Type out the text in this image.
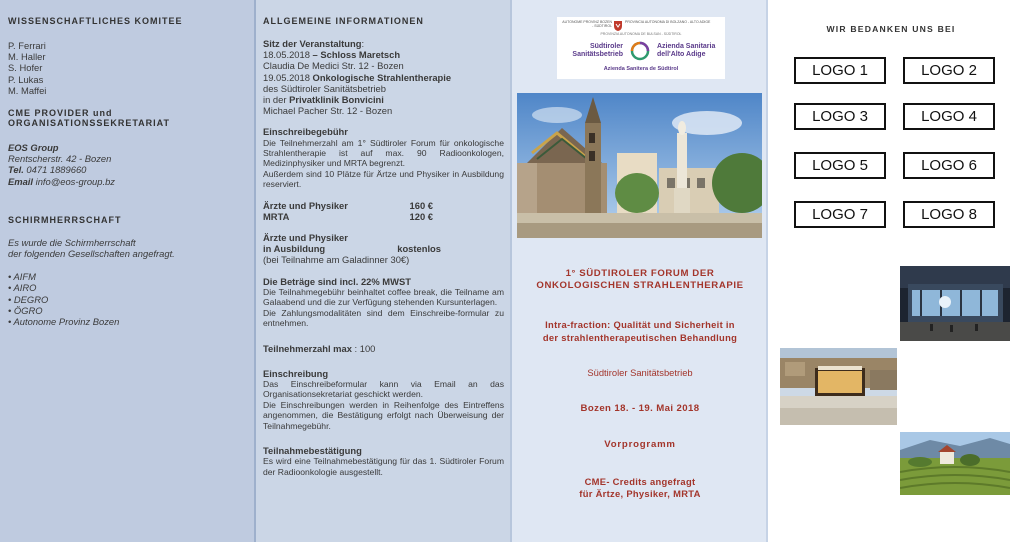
WISSENSCHAFTLICHES KOMITEE

P. Ferrari

M. Haller

S. Hofer

P. Lukas

M. Maffei

CME PROVIDER und

ORGANISATIONSSEKRETARIAT

EOS Group

Rentscherstr. 42 - Bozen

Tel. 0471 1889660

Email info@eos-group.bz

SCHIRMHERRSCHAFT

Es wurde die Schirmherrschaft

der folgenden Gesellschaften angefragt.

• AIFM

• AIRO

• DEGRO

• ÖGRO

• Autonome Provinz Bozen

ALLGEMEINE INFORMATIONEN

Sitz der Veranstaltung:

18.05.2018 – Schloss Maretsch

Claudia De Medici Str. 12 - Bozen

19.05.2018 Onkologische Strahlentherapie

des Südtiroler Sanitätsbetrieb

in der Privatklinik Bonvicini

Michael Pacher Str. 12 - Bozen

Einschreibegebühr

Die Teilnehmerzahl am 1° Südtiroler Forum für onkologische Strahlentherapie ist auf max. 90 Radioonkologen, Medizinphysiker und MRTA begrenzt.

Außerdem sind 10 Plätze für Ärtze und Physiker in Ausbildung reserviert.

Ärzte und Physiker	160 €
MRTA	120 €

Ärzte und Physiker

in Ausbildung	kostenlos

(bei Teilnahme am Galadinner 30€)

Die Beträge sind incl. 22% MWST

Die Teilnahmegebühr beinhaltet coffee break, die Teilname am Galaabend und die zur Verfügung stehenden Kursunterlagen.

Die Zahlungsmodalitäten sind dem Einschreibe-formular zu entnehmen.

Teilnehmerzahl max : 100

Einschreibung

Das Einschreibeformular kann via Email an das Organisationsekretariat geschickt werden.

Die Einschreibungen werden in Reihenfolge des Eintreffens angenommen, die Bestätigung erfolgt nach Überweisung der Teilnahmegebühr.

Teilnahmebestätigung

Es wird eine Teilnahmebestätigung für das 1. Südtiroler Forum der Radioonkologie ausgestellt.

AUTONOME PROVINZ BOZEN - SÜDTIROL
PROVINCIA AUTONOMA DI BOLZANO - ALTO ADIGE
PROVINZIA AUTONOMA DE BULSAN - SÜDTIROL
Südtiroler
Sanitätsbetrieb
Azienda Sanitaria
dell'Alto Adige
Azienda Sanitera de Südtirol

1° SÜDTIROLER FORUM DER

ONKOLOGISCHEN STRAHLENTHERAPIE

Intra-fraction: Qualität und Sicherheit in

der strahlentherapeutischen Behandlung

Südtiroler Sanitätsbetrieb

Bozen 18. - 19. Mai 2018

Vorprogramm

CME- Credits angefragt

für Ärtze, Physiker, MRTA

WIR BEDANKEN UNS BEI

LOGO 1	LOGO 2
LOGO 3	LOGO 4
LOGO 5	LOGO 6
LOGO 7	LOGO 8
